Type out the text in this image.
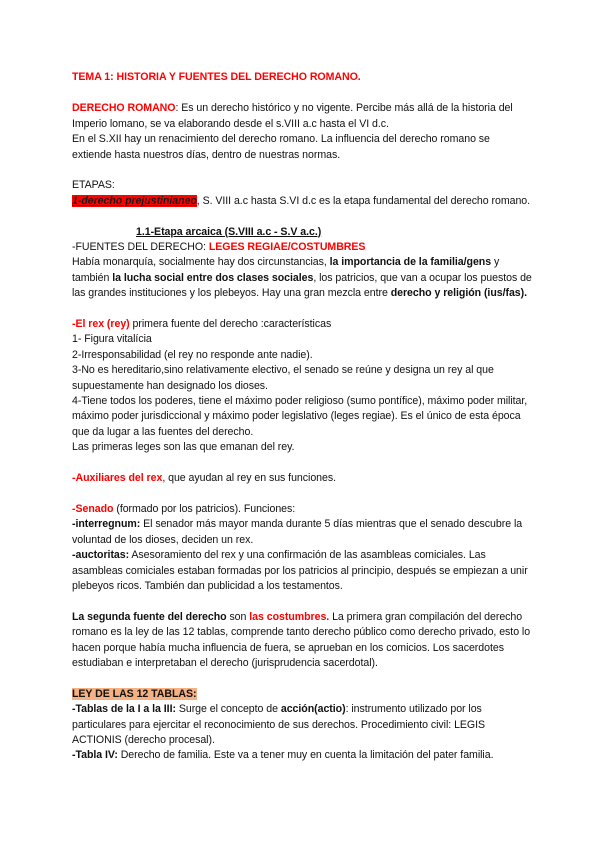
TEMA 1: HISTORIA Y FUENTES DEL DERECHO ROMANO.

DERECHO ROMANO: Es un derecho histórico y no vigente. Percibe más allá de la historia del Imperio lomano, se va elaborando desde el s.VIII a.c hasta el VI d.c.

En el S.XII hay un renacimiento del derecho romano. La influencia del derecho romano se extiende hasta nuestros días, dentro de nuestras normas.

ETAPAS:

1-derecho prejustinianeo, S. VIII a.c hasta S.VI d.c es la etapa fundamental del derecho romano.

1.1-Etapa arcaica (S.VIII a.c - S.V a.c.)

-FUENTES DEL DERECHO: LEGES REGIAE/COSTUMBRES

Había monarquía, socialmente hay dos circunstancias, la importancia de la familia/gens y también la lucha social entre dos clases sociales, los patricios, que van a ocupar los puestos de las grandes instituciones y los plebeyos. Hay una gran mezcla entre derecho y religión (ius/fas).

-El rex (rey) primera fuente del derecho :características

1- Figura vitalícia

2-Irresponsabilidad (el rey no responde ante nadie).

3-No es hereditario,sino relativamente electivo, el senado se reúne y designa un rey al que supuestamente han designado los dioses.

4-Tiene todos los poderes, tiene el máximo poder religioso (sumo pontífice), máximo poder militar, máximo poder jurisdiccional y máximo poder legislativo (leges regiae). Es el único de esta época que da lugar a las fuentes del derecho.

Las primeras leges son las que emanan del rey.

-Auxiliares del rex, que ayudan al rey en sus funciones.

-Senado (formado por los patricios). Funciones:

-interregnum: El senador más mayor manda durante 5 días mientras que el senado descubre la voluntad de los dioses, deciden un rex.

-auctoritas: Asesoramiento del rex y una confirmación de las asambleas comiciales. Las asambleas comiciales estaban formadas por los patricios al principio, después se empiezan a unir plebeyos ricos. También dan publicidad a los testamentos.

La segunda fuente del derecho son las costumbres. La primera gran compilación del derecho romano es la ley de las 12 tablas, comprende tanto derecho público como derecho privado, esto lo hacen porque había mucha influencia de fuera, se aprueban en los comicios. Los sacerdotes estudiaban e interpretaban el derecho (jurisprudencia sacerdotal).

LEY DE LAS 12 TABLAS:

-Tablas de la I a la III: Surge el concepto de acción(actio): instrumento utilizado por los particulares para ejercitar el reconocimiento de sus derechos. Procedimiento civil: LEGIS ACTIONIS (derecho procesal).

-Tabla IV: Derecho de familia. Este va a tener muy en cuenta la limitación del pater familia.
